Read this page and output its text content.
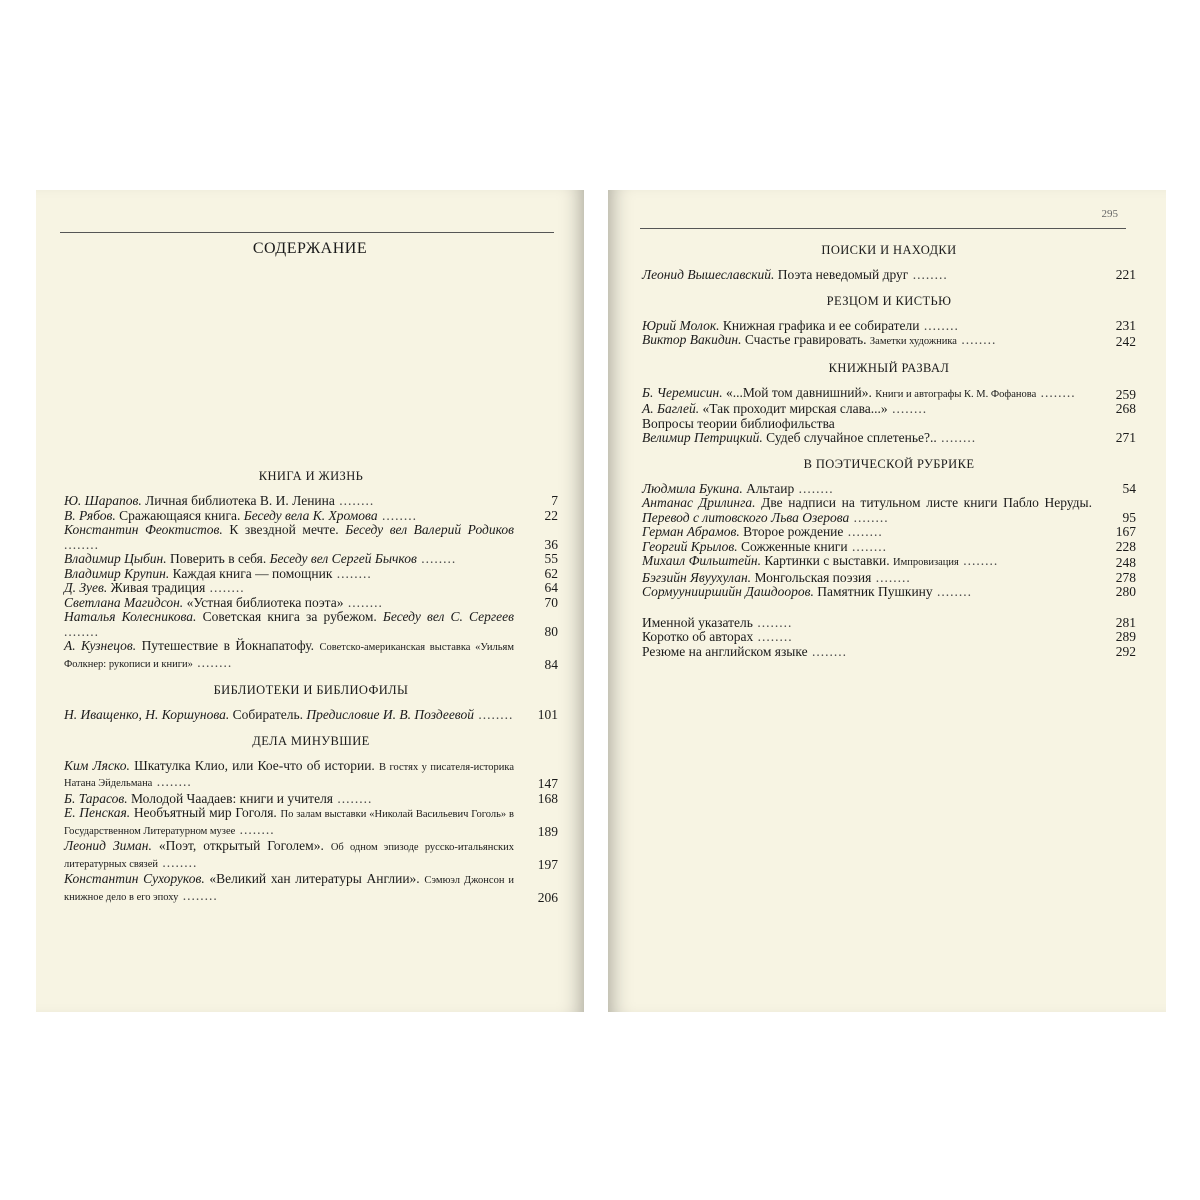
СОДЕРЖАНИЕ
КНИГА И ЖИЗНЬ
Ю. Шарапов. Личная библиотека В. И. Ленина ........	7
В. Рябов. Сражающаяся книга. Беседу вела К. Хромова ........	22
Константин Феоктистов. К звездной мечте. Беседу вел Валерий Родиков ........	36
Владимир Цыбин. Поверить в себя. Беседу вел Сергей Бычков ........	55
Владимир Крупин. Каждая книга — помощник ........	62
Д. Зуев. Живая традиция ........	64
Светлана Магидсон. «Устная библиотека поэта» ........	70
Наталья Колесникова. Советская книга за рубежом. Беседу вел С. Сергеев ........	80
А. Кузнецов. Путешествие в Йокнапатофу. Советско-американская выставка «Уильям Фолкнер: рукописи и книги» ........	84
БИБЛИОТЕКИ И БИБЛИОФИЛЫ
Н. Иващенко, Н. Коршунова. Собиратель. Предисловие И. В. Поздеевой ........	101
ДЕЛА МИНУВШИЕ
Ким Ляско. Шкатулка Клио, или Кое-что об истории. В гостях у писателя-историка Натана Эйдельмана ........	147
Б. Тарасов. Молодой Чаадаев: книги и учителя ........	168
Е. Пенская. Необъятный мир Гоголя. По залам выставки «Николай Васильевич Гоголь» в Государственном Литературном музее ........	189
Леонид Зиман. «Поэт, открытый Гоголем». Об одном эпизоде русско-итальянских литературных связей ........	197
Константин Сухоруков. «Великий хан литературы Англии». Сэмюэл Джонсон и книжное дело в его эпоху ........	206
295
ПОИСКИ И НАХОДКИ
Леонид Вышеславский. Поэта неведомый друг ........	221
РЕЗЦОМ И КИСТЬЮ
Юрий Молок. Книжная графика и ее собиратели ........	231
Виктор Вакидин. Счастье гравировать. Заметки художника ........	242
КНИЖНЫЙ РАЗВАЛ
Б. Черемисин. «...Мой том давнишний». Книги и автографы К. М. Фофанова ........	259
А. Баглей. «Так проходит мирская слава...» ........	268
Вопросы теории библиофильства
Велимир Петрицкий. Судеб случайное сплетенье?.. ........	271
В ПОЭТИЧЕСКОЙ РУБРИКЕ
Людмила Букина. Альтаир ........	54
Антанас Дрилинга. Две надписи на титульном листе книги Пабло Неруды. Перевод с литовского Льва Озерова ........	95
Герман Абрамов. Второе рождение ........	167
Георгий Крылов. Сожженные книги ........	228
Михаил Фильштейн. Картинки с выставки. Импровизация ........	248
Бэгзийн Явуухулан. Монгольская поэзия ........	278
Сормуунииршийн Дашдооров. Памятник Пушкину ........	280
Именной указатель ........	281
Коротко об авторах ........	289
Резюме на английском языке ........	292
